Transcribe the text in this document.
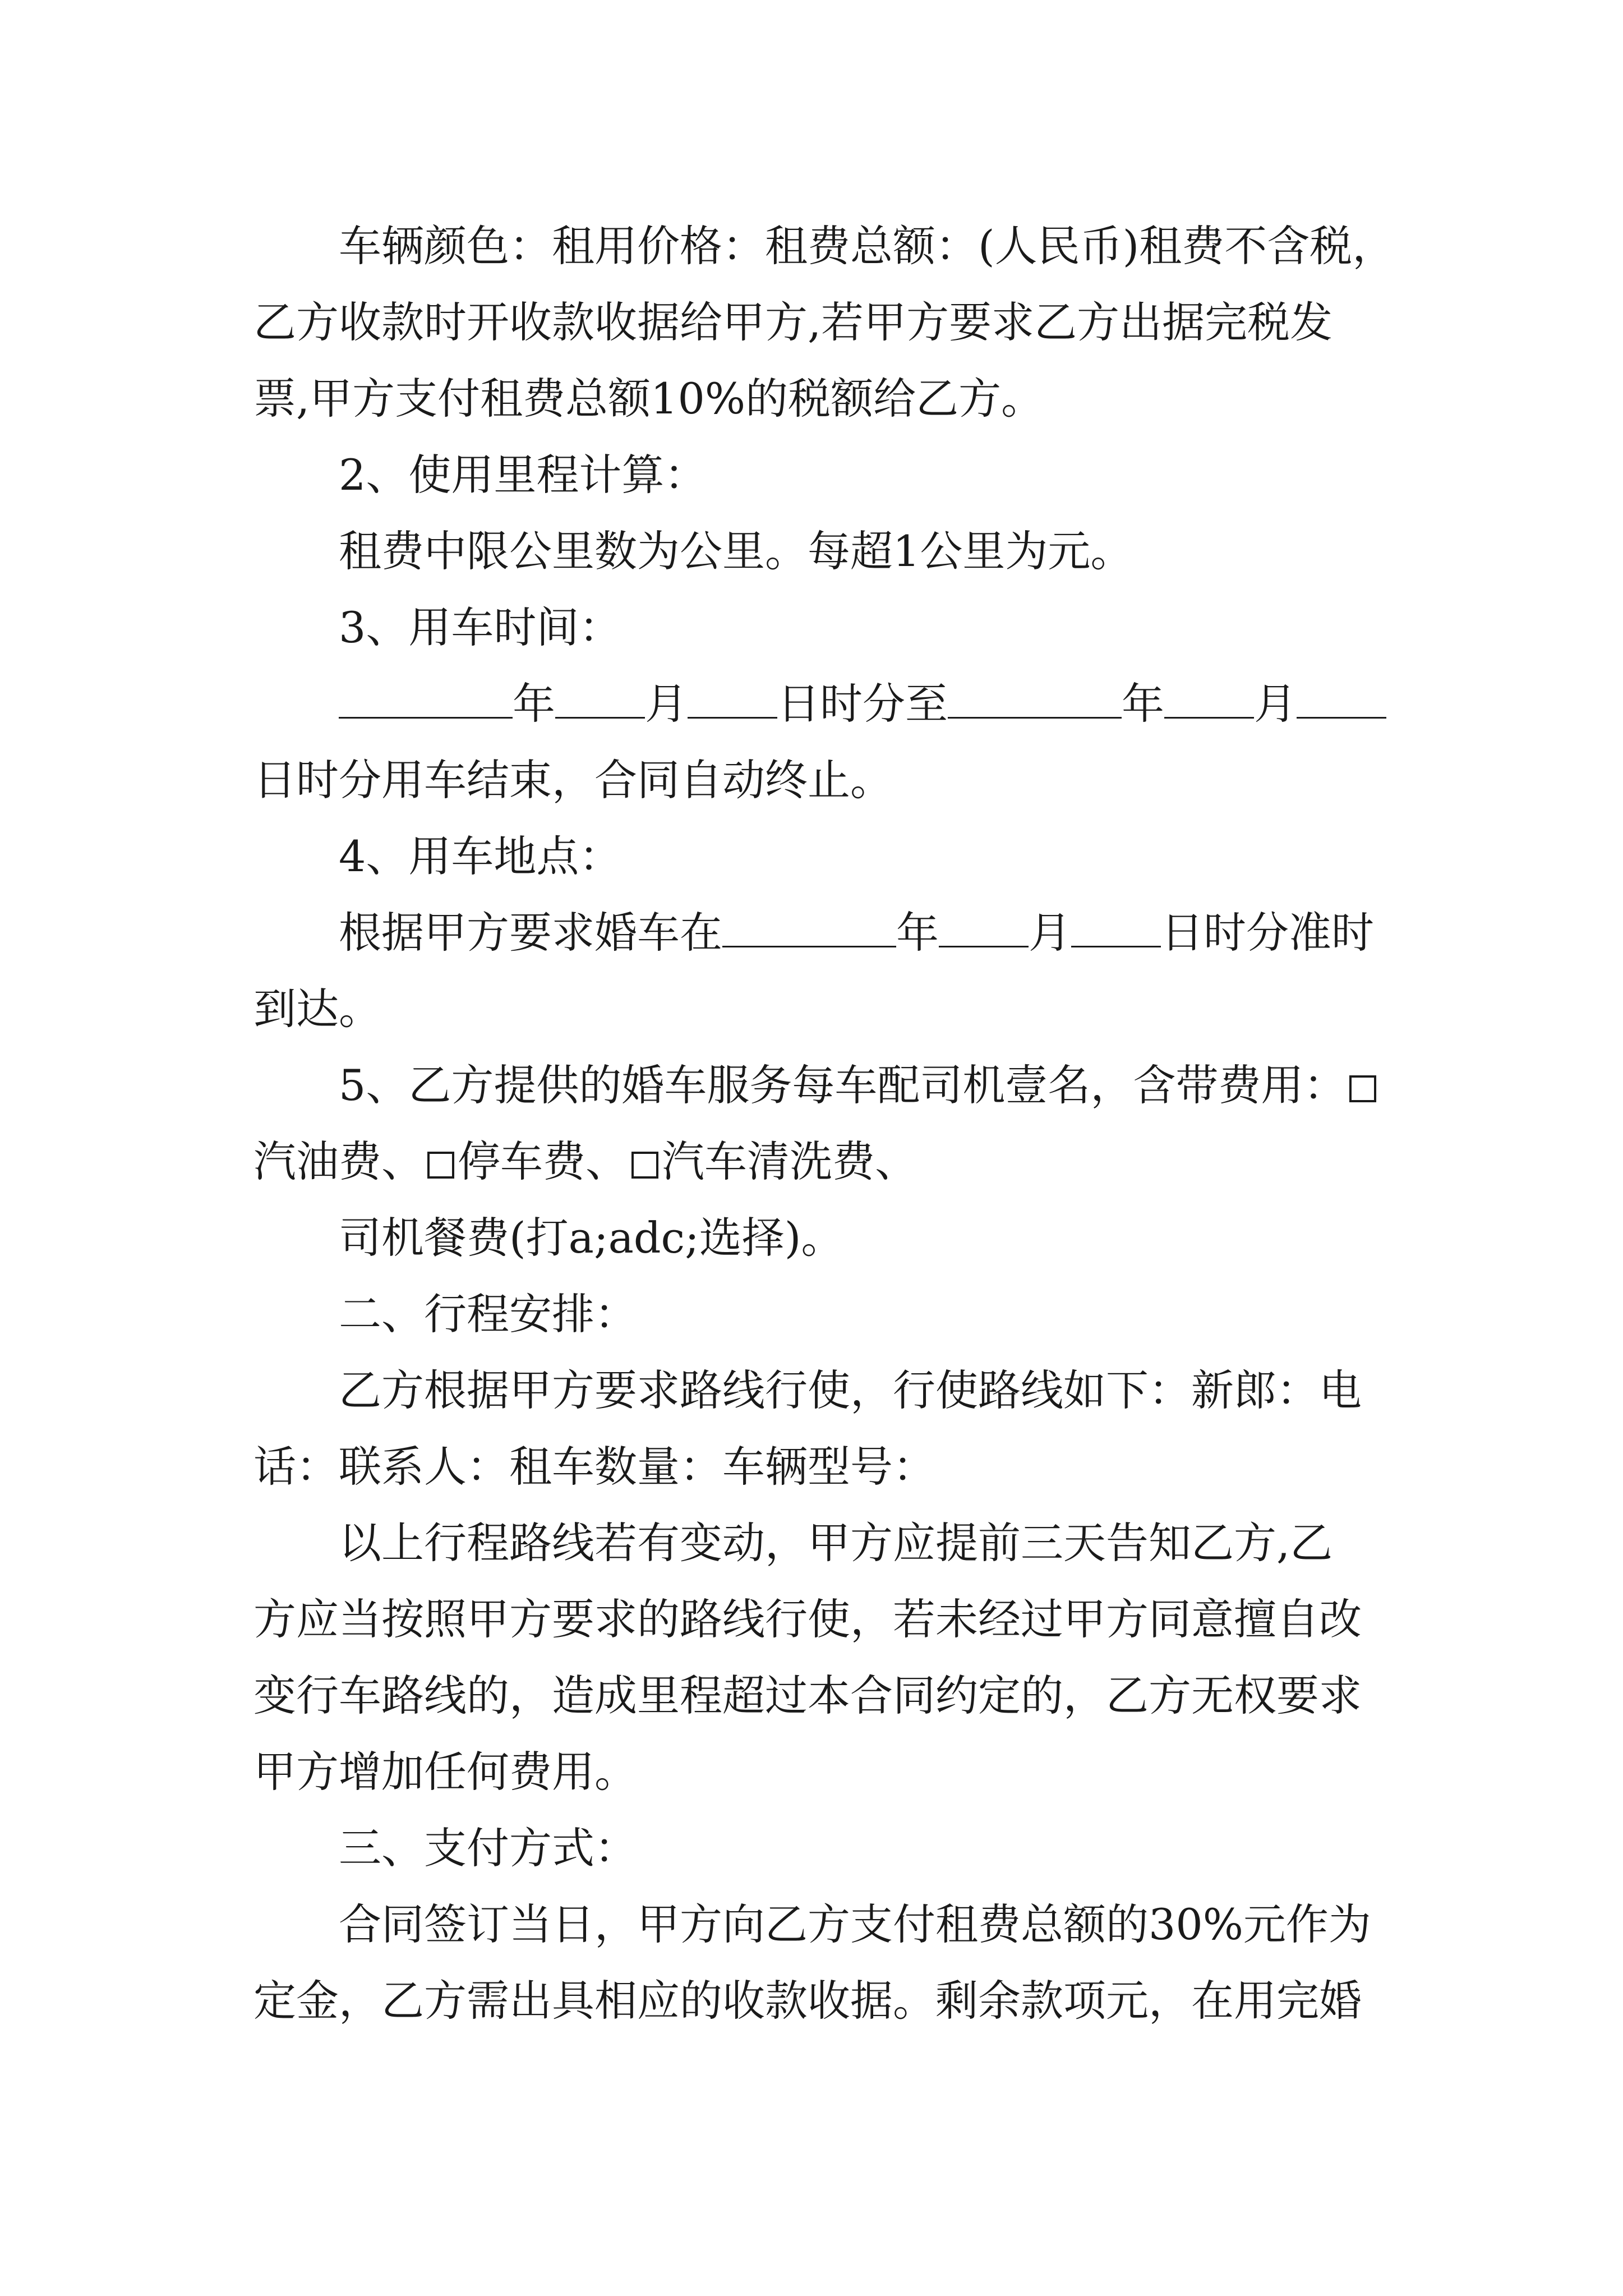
车辆颜色：租用价格：租费总额：(人民币)租费不含税，
乙方收款时开收款收据给甲方,若甲方要求乙方出据完税发
票,甲方支付租费总额10%的税额给乙方。
2、使用里程计算：
租费中限公里数为公里。每超1公里为元。
3、用车时间：
年 月 日时分至	年 月
日时分用车结束，合同自动终止。
4、用车地点：
根据甲方要求婚车在	年 月 日时分准时
到达。
5、乙方提供的婚车服务每车配司机壹名，含带费用：
汽油费、 停车费、 汽车清洗费、
司机餐费(打a;adc;选择)。
二、行程安排：
乙方根据甲方要求路线行使，行使路线如下：新郎：电
话：联系人：租车数量：车辆型号：
以上行程路线若有变动，甲方应提前三天告知乙方,乙
方应当按照甲方要求的路线行使，若未经过甲方同意擅自改
变行车路线的，造成里程超过本合同约定的，乙方无权要求
甲方增加任何费用。
三、支付方式：
合同签订当日，甲方向乙方支付租费总额的30%元作为
定金，乙方需出具相应的收款收据。剩余款项元，在用完婚
